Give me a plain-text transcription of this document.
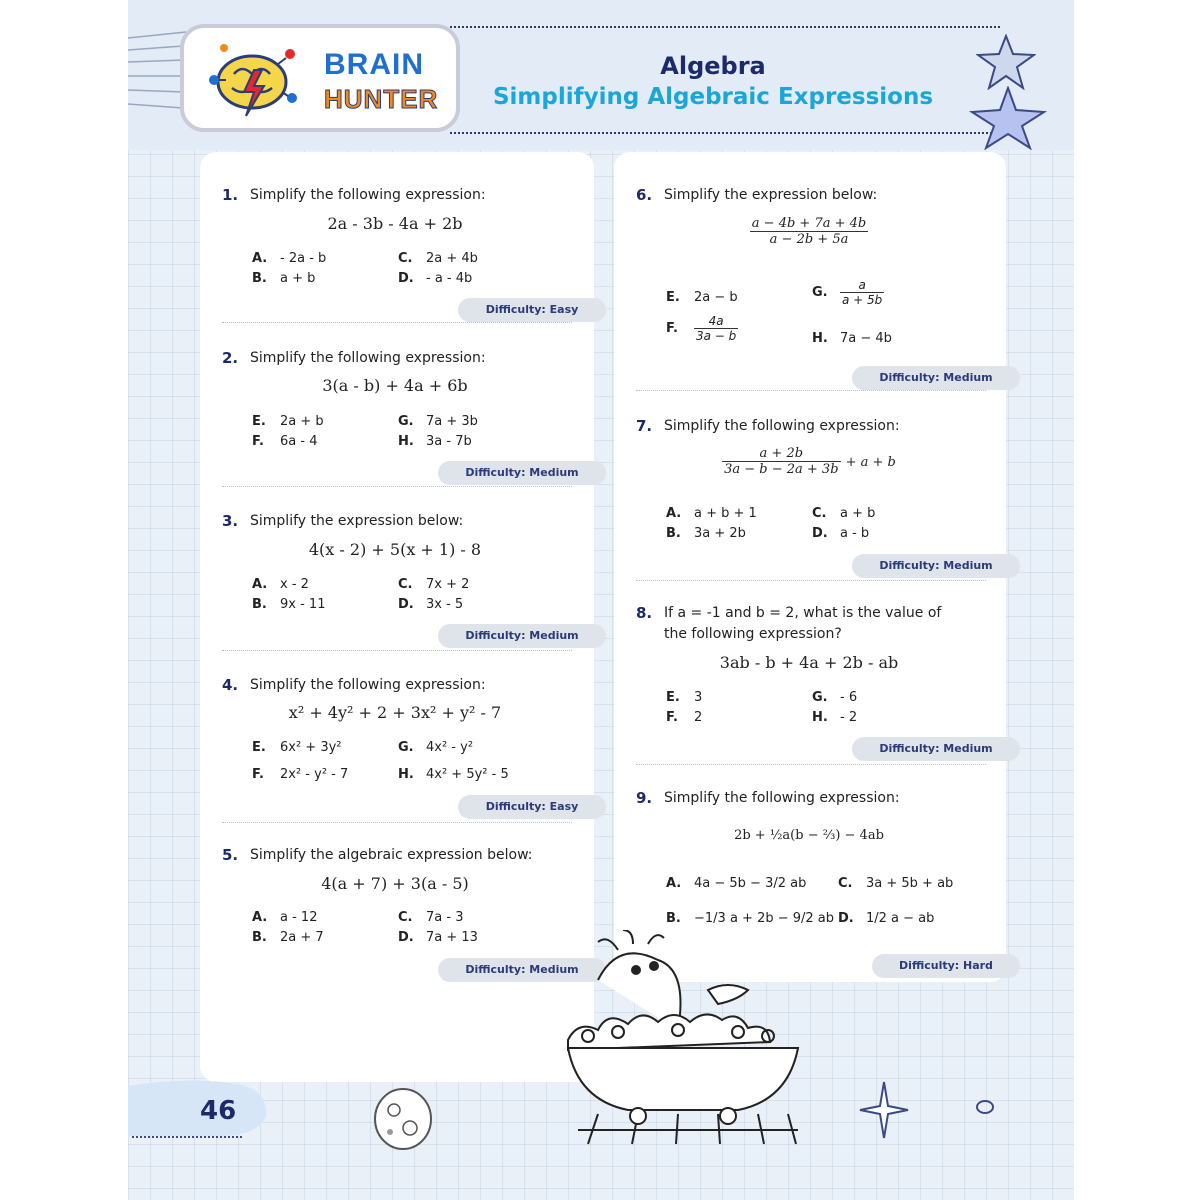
BRAIN
HUNTER
Algebra
Simplifying Algebraic Expressions
1. Simplify the following expression:
2a - 3b - 4a + 2b
A. - 2a - b	C. 2a + 4b
B. a + b	D. - a - 4b
Difficulty: Easy
2. Simplify the following expression:
3(a - b) + 4a + 6b
E. 2a + b	G. 7a + 3b
F. 6a - 4	H. 3a - 7b
Difficulty: Medium
3. Simplify the expression below:
4(x - 2) + 5(x + 1) - 8
A. x - 2	C. 7x + 2
B. 9x - 11	D. 3x - 5
Difficulty: Medium
4. Simplify the following expression:
x² + 4y² + 2 + 3x² + y² - 7
E. 6x² + 3y²	G. 4x² - y²
F. 2x² - y² - 7	H. 4x² + 5y² - 5
Difficulty: Easy
5. Simplify the algebraic expression below:
4(a + 7) + 3(a - 5)
A. a - 12	C. 7a - 3
B. 2a + 7	D. 7a + 13
Difficulty: Medium
6. Simplify the expression below:
$\frac{a - 4b + 7a + 4b}{a - 2b + 5a}$
E. 2a − b	G. $\frac{a}{a + 5b}$
F. $\frac{4a}{3a - b}$	H. 7a − 4b
Difficulty: Medium
7. Simplify the following expression:
$\frac{a + 2b}{3a - b - 2a + 3b} + a + b$
A. a + b + 1	C. a + b
B. 3a + 2b	D. a - b
Difficulty: Medium
8. If a = -1 and b = 2, what is the value of
the following expression?
3ab - b + 4a + 2b - ab
E. 3	G. - 6
F. 2	H. - 2
Difficulty: Medium
9. Simplify the following expression:
2b + ½a(b − ⅔) − 4ab
A. 4a − 5b − 3/2 ab C. 3a + 5b + ab
B. −1/3 a + 2b − 9/2 ab D. 1/2 a − ab
Difficulty: Hard
46
